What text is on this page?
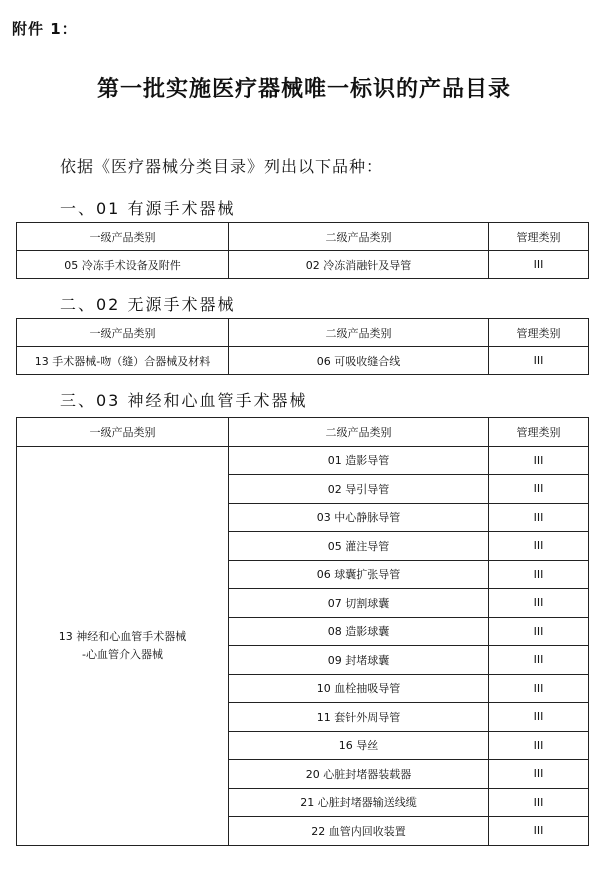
附件 1：
第一批实施医疗器械唯一标识的产品目录
依据《医疗器械分类目录》列出以下品种：
一、01 有源手术器械
一级产品类别	二级产品类别	管理类别
05 冷冻手术设备及附件	02 冷冻消融针及导管	III
二、02 无源手术器械
一级产品类别	二级产品类别	管理类别
13 手术器械-吻（缝）合器械及材料	06 可吸收缝合线	III
三、03 神经和心血管手术器械
一级产品类别	二级产品类别	管理类别
13 神经和心血管手术器械
-心血管介入器械	01 造影导管	III
	02 导引导管	III
	03 中心静脉导管	III
	05 灌注导管	III
	06 球囊扩张导管	III
	07 切割球囊	III
	08 造影球囊	III
	09 封堵球囊	III
	10 血栓抽吸导管	III
	11 套针外周导管	III
	16 导丝	III
	20 心脏封堵器装载器	III
	21 心脏封堵器输送线缆	III
	22 血管内回收装置	III
